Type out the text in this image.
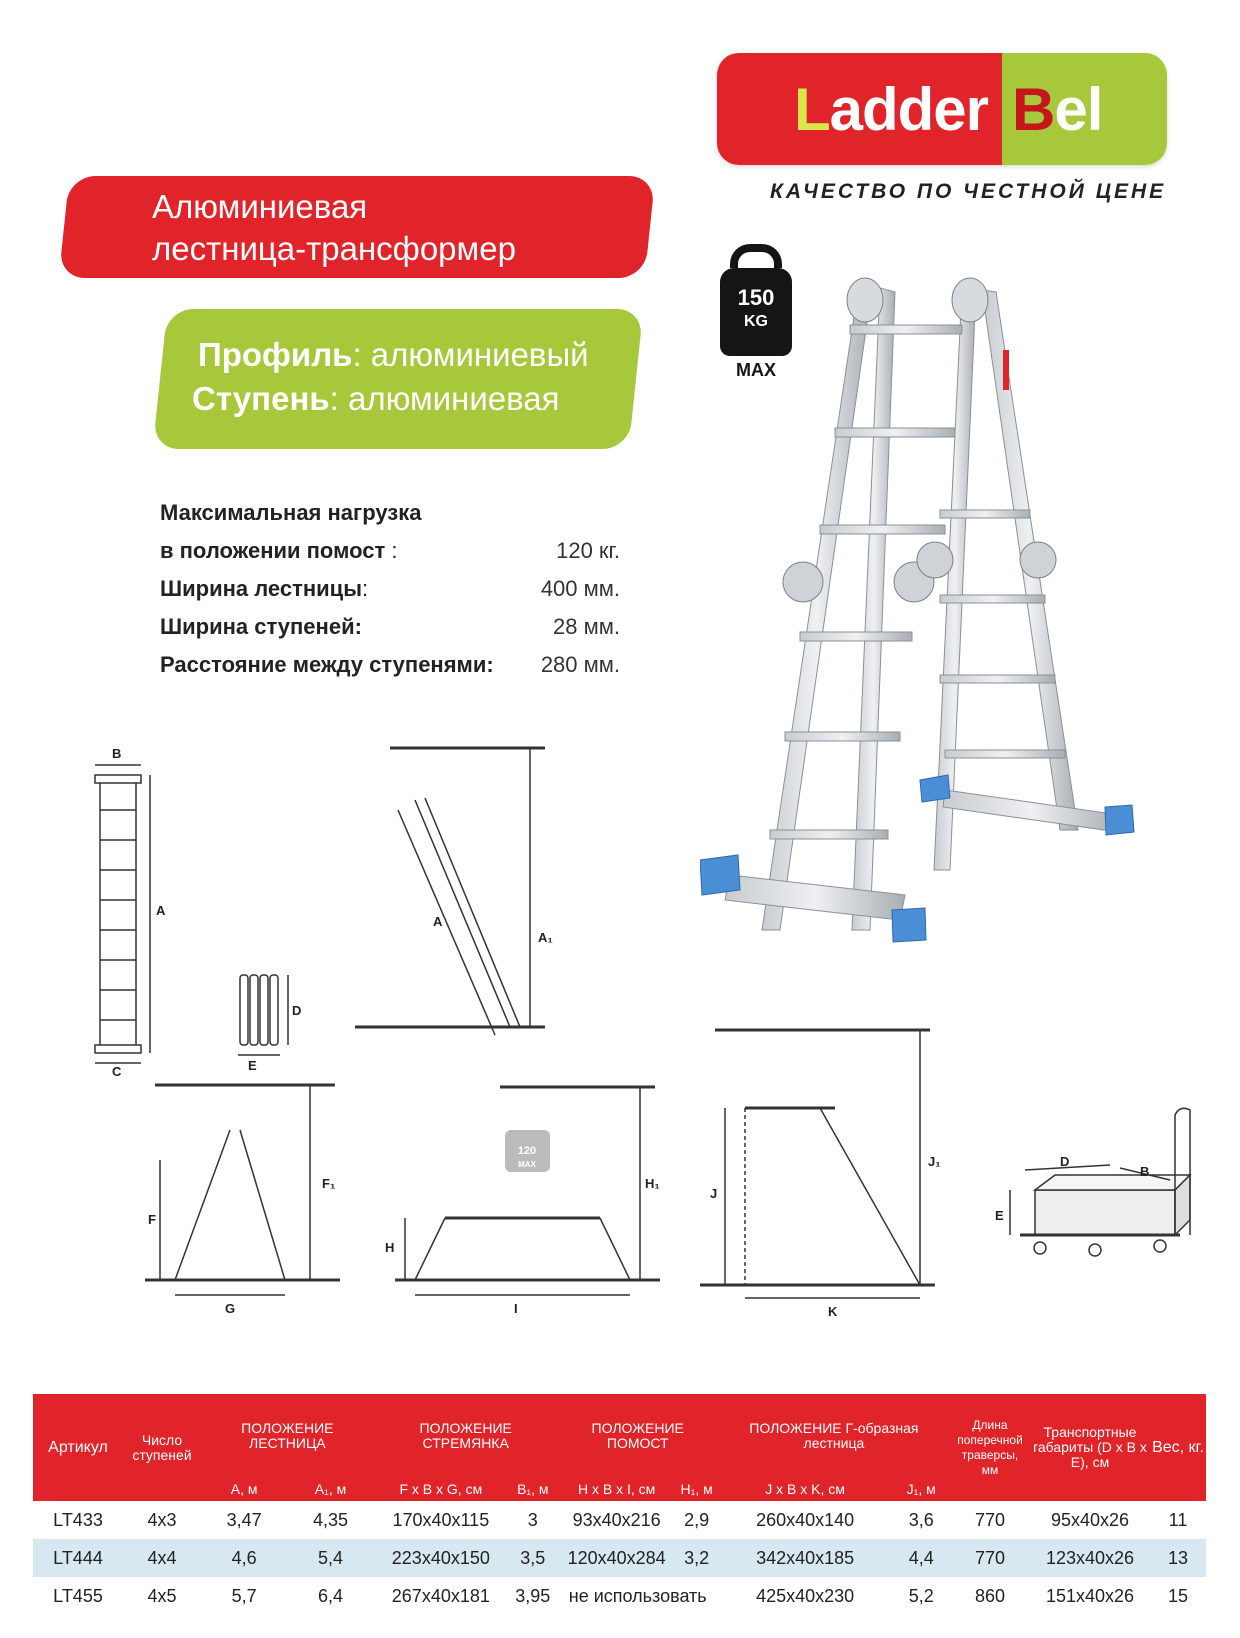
Ladder Bel
КАЧЕСТВО ПО ЧЕСТНОЙ ЦЕНЕ
Алюминиевая
лестница-трансформер
Профиль: алюминиевый
Ступень: алюминиевая
150
KG
MAX
Максимальная нагрузка
в положении помост :	120 кг.
Ширина лестницы:	400 мм.
Ширина ступеней:	28 мм.
Расстояние между ступенями: 280 мм.
120
MAX
B
A
C
D
E
A
A₁
F
F₁
G
H
H₁
I
J
J₁
K
D
B
E
Артикул	Число ступеней	ПОЛОЖЕНИЕ ЛЕСТНИЦА		ПОЛОЖЕНИЕ СТРЕМЯНКА		ПОЛОЖЕНИЕ ПОМОСТ		ПОЛОЖЕНИЕ Г-образная лестница		Длина поперечной траверсы, мм	Транспортные габариты (D x B x E), см	Вес, кг.
		A, м	A₁, м	F x B x G, см	B₁, м	H x B x I, см	H₁, м	J x B x K, см	J₁, м			
LT433	4x3	3,47	4,35	170x40x115	3	93x40x216	2,9	260x40x140	3,6	770	95x40x26	11
LT444	4x4	4,6	5,4	223x40x150	3,5	120x40x284	3,2	342x40x185	4,4	770	123x40x26	13
LT455	4x5	5,7	6,4	267x40x181	3,95	не использовать		425x40x230	5,2	860	151x40x26	15
